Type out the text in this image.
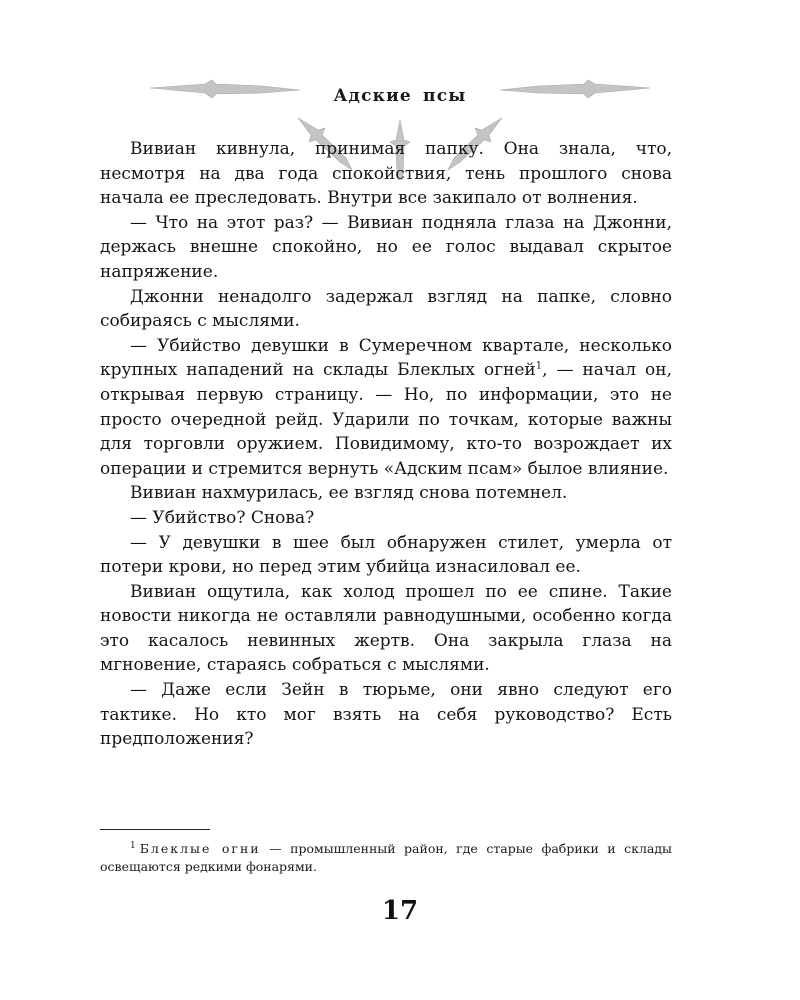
Адские псы

Вивиан кивнула, принимая папку. Она знала, что, несмотря на два года спокойствия, тень прошлого снова начала ее преследовать. Внутри все закипало от волнения.

— Что на этот раз? — Вивиан подняла глаза на Джонни, держась внешне спокойно, но ее голос выдавал скрытое напряжение.

Джонни ненадолго задержал взгляд на папке, словно собираясь с мыслями.

— Убийство девушки в Сумеречном квартале, несколько крупных нападений на склады Блеклых огней$^1$, — начал он, открывая первую страницу. — Но, по информации, это не просто очередной рейд. Ударили по точкам, которые важны для торговли оружием. Повидимому, кто-то возрождает их операции и стремится вернуть «Адским псам» былое влияние.

Вивиан нахмурилась, ее взгляд снова потемнел.

— Убийство? Снова?

— У девушки в шее был обнаружен стилет, умерла от потери крови, но перед этим убийца изнасиловал ее.

Вивиан ощутила, как холод прошел по ее спине. Такие новости никогда не оставляли равнодушными, особенно когда это касалось невинных жертв. Она закрыла глаза на мгновение, стараясь собраться с мыслями.

— Даже если Зейн в тюрьме, они явно следуют его тактике. Но кто мог взять на себя руководство? Есть предположения?

$^1$ Блеклые огни — промышленный район, где старые фабрики и склады освещаются редкими фонарями.
17
